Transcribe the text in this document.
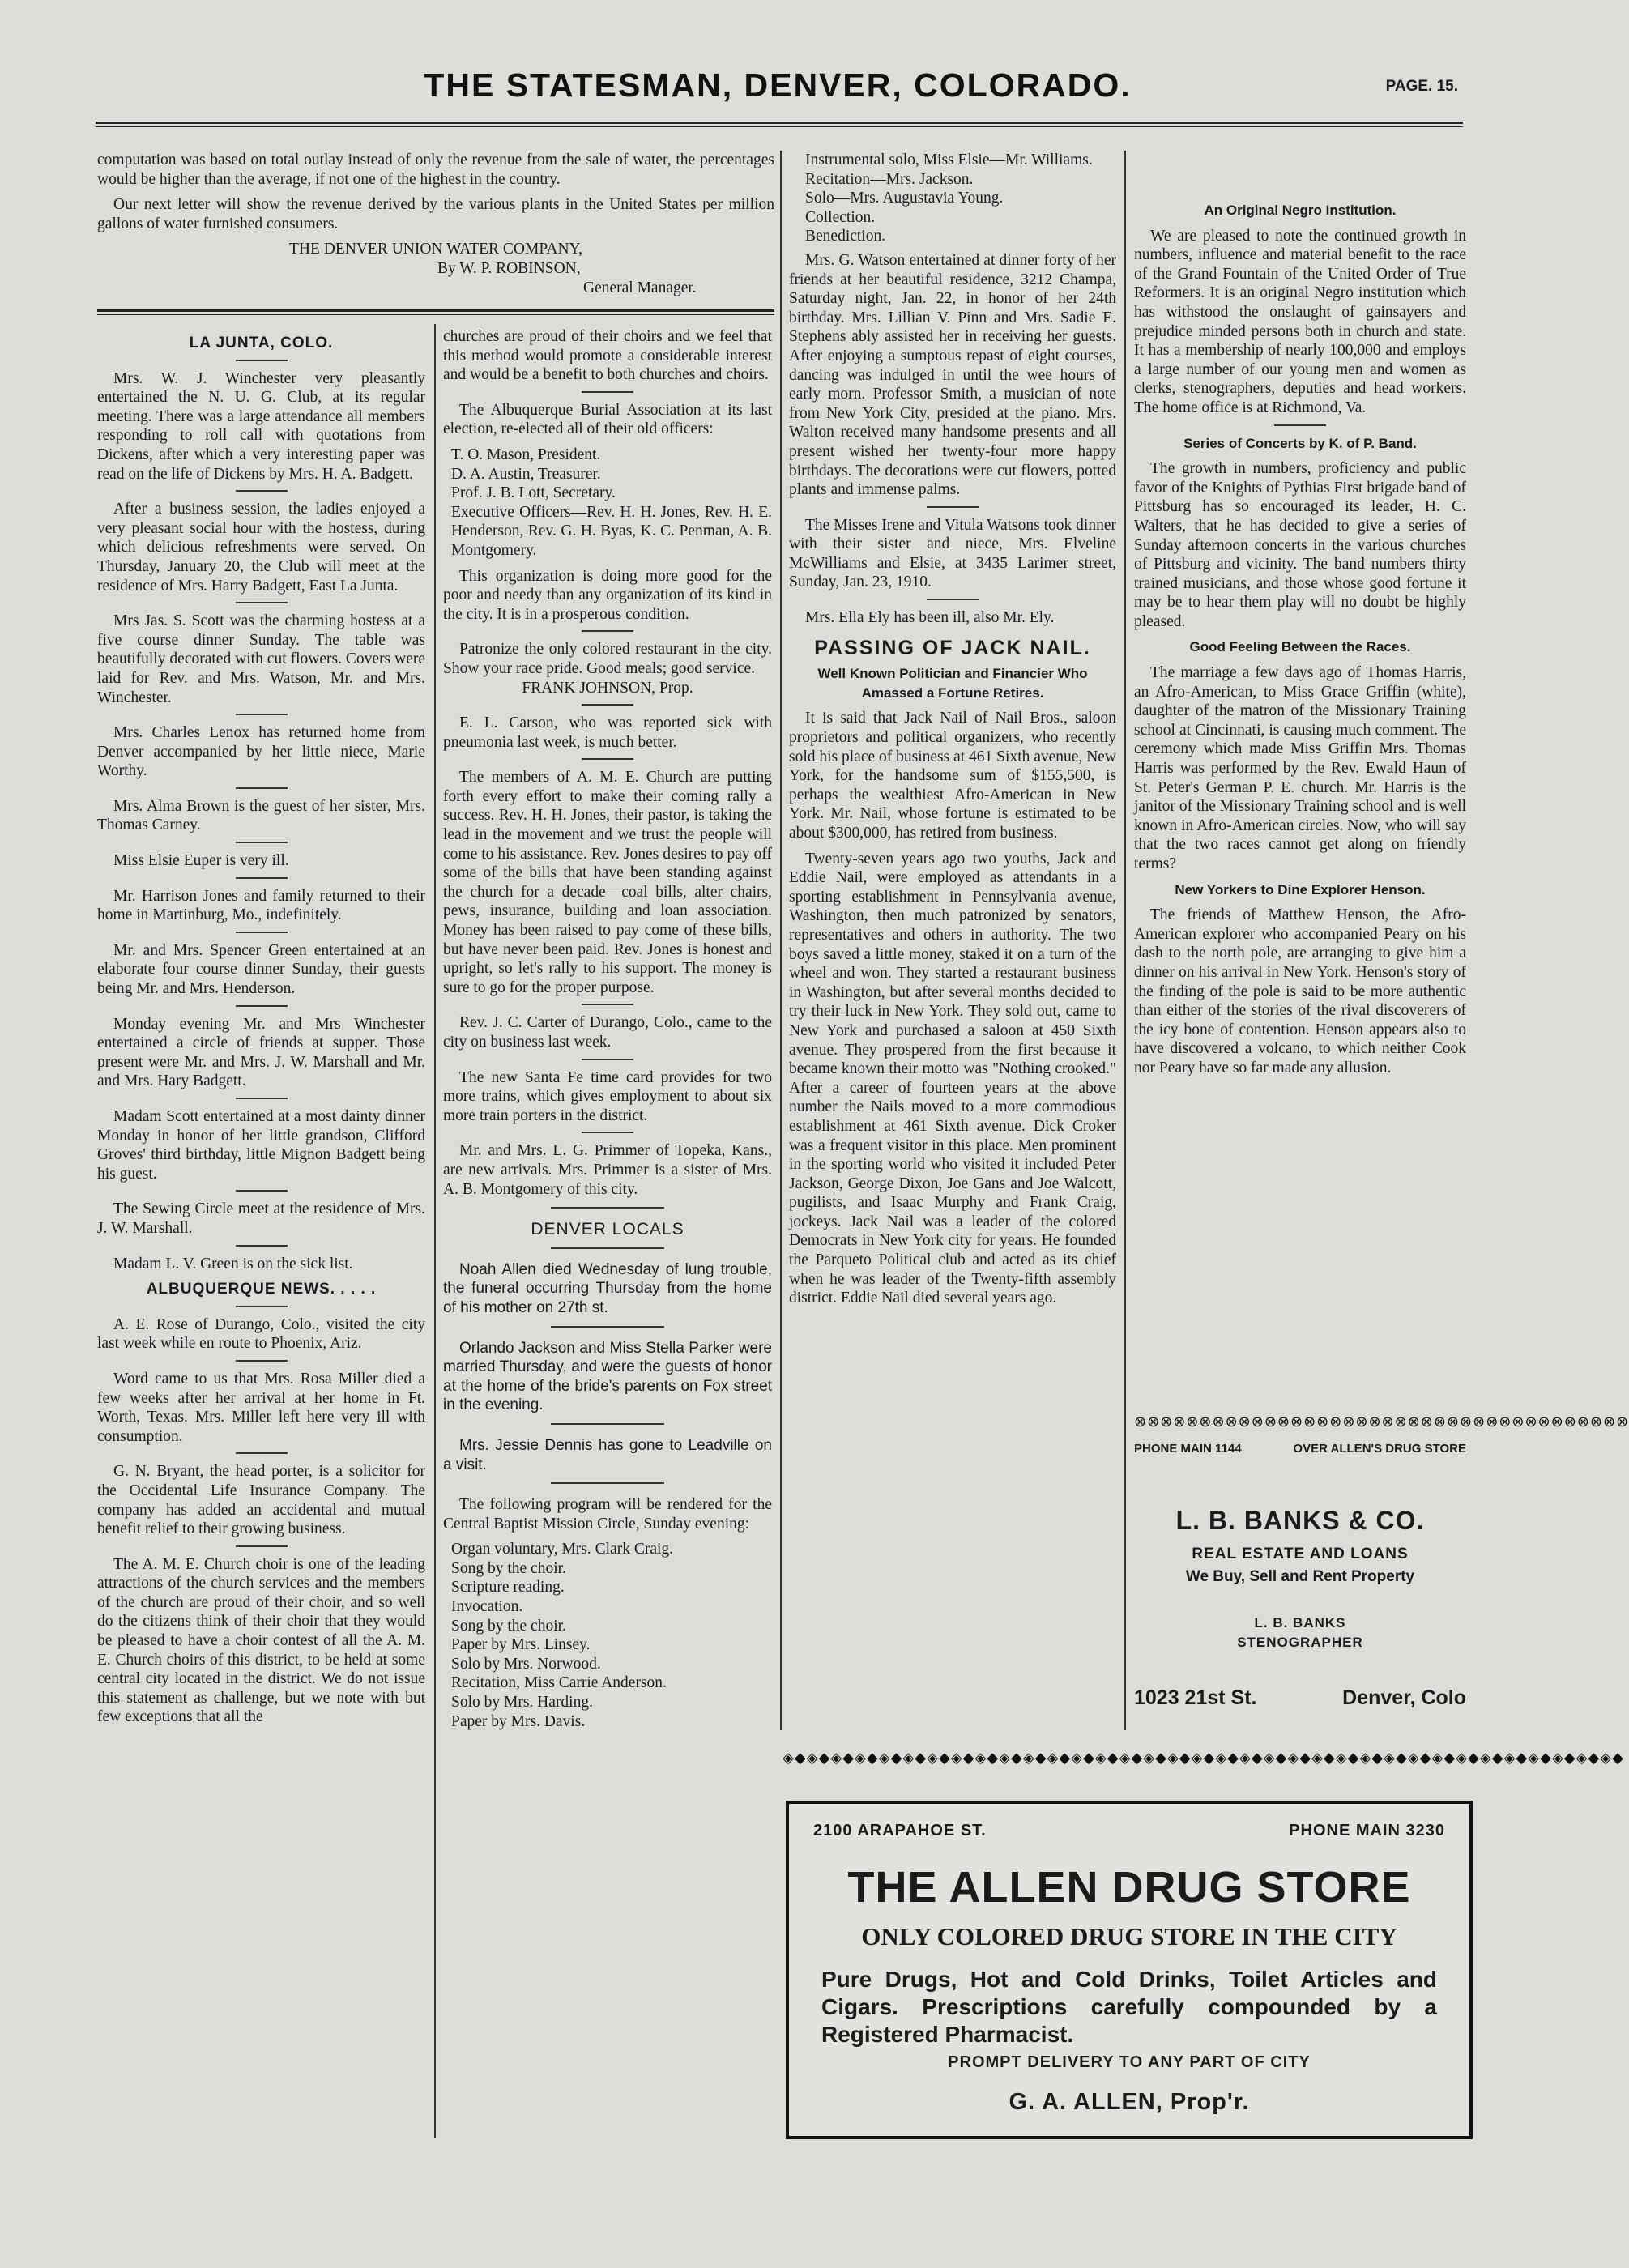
THE STATESMAN, DENVER, COLORADO.	PAGE. 15.

computation was based on total outlay instead of only the revenue from the sale of water, the percentages would be higher than the average, if not one of the highest in the country.

Our next letter will show the revenue derived by the various plants in the United States per million gallons of water furnished consumers.

THE DENVER UNION WATER COMPANY,
By W. P. ROBINSON,
General Manager.
LA JUNTA, COLO.

Mrs. W. J. Winchester very pleasantly entertained the N. U. G. Club, at its regular meeting. There was a large attendance all members responding to roll call with quotations from Dickens, after which a very interesting paper was read on the life of Dickens by Mrs. H. A. Badgett.

After a business session, the ladies enjoyed a very pleasant social hour with the hostess, during which delicious refreshments were served. On Thursday, January 20, the Club will meet at the residence of Mrs. Harry Badgett, East La Junta.

Mrs Jas. S. Scott was the charming hostess at a five course dinner Sunday. The table was beautifully decorated with cut flowers. Covers were laid for Rev. and Mrs. Watson, Mr. and Mrs. Winchester.

Mrs. Charles Lenox has returned home from Denver accompanied by her little niece, Marie Worthy.

Mrs. Alma Brown is the guest of her sister, Mrs. Thomas Carney.

Miss Elsie Euper is very ill.

Mr. Harrison Jones and family returned to their home in Martinburg, Mo., indefinitely.

Mr. and Mrs. Spencer Green entertained at an elaborate four course dinner Sunday, their guests being Mr. and Mrs. Henderson.

Monday evening Mr. and Mrs Winchester entertained a circle of friends at supper. Those present were Mr. and Mrs. J. W. Marshall and Mr. and Mrs. Hary Badgett.

Madam Scott entertained at a most dainty dinner Monday in honor of her little grandson, Clifford Groves' third birthday, little Mignon Badgett being his guest.

The Sewing Circle meet at the residence of Mrs. J. W. Marshall.

Madam L. V. Green is on the sick list.

ALBUQUERQUE NEWS. . . . .

A. E. Rose of Durango, Colo., visited the city last week while en route to Phoenix, Ariz.

Word came to us that Mrs. Rosa Miller died a few weeks after her arrival at her home in Ft. Worth, Texas. Mrs. Miller left here very ill with consumption.

G. N. Bryant, the head porter, is a solicitor for the Occidental Life Insurance Company. The company has added an accidental and mutual benefit relief to their growing business.

The A. M. E. Church choir is one of the leading attractions of the church services and the members of the church are proud of their choir, and so well do the citizens think of their choir that they would be pleased to have a choir contest of all the A. M. E. Church choirs of this district, to be held at some central city located in the district. We do not issue this statement as challenge, but we note with but few exceptions that all the

churches are proud of their choirs and we feel that this method would promote a considerable interest and would be a benefit to both churches and choirs.

The Albuquerque Burial Association at its last election, re-elected all of their old officers:

T. O. Mason, President.
D. A. Austin, Treasurer.
Prof. J. B. Lott, Secretary.
Executive Officers—Rev. H. H. Jones, Rev. H. E. Henderson, Rev. G. H. Byas, K. C. Penman, A. B. Montgomery.

This organization is doing more good for the poor and needy than any organization of its kind in the city. It is in a prosperous condition.

Patronize the only colored restaurant in the city. Show your race pride. Good meals; good service.

FRANK JOHNSON, Prop.

E. L. Carson, who was reported sick with pneumonia last week, is much better.

The members of A. M. E. Church are putting forth every effort to make their coming rally a success. Rev. H. H. Jones, their pastor, is taking the lead in the movement and we trust the people will come to his assistance. Rev. Jones desires to pay off some of the bills that have been standing against the church for a decade—coal bills, alter chairs, pews, insurance, building and loan association. Money has been raised to pay come of these bills, but have never been paid. Rev. Jones is honest and upright, so let's rally to his support. The money is sure to go for the proper purpose.

Rev. J. C. Carter of Durango, Colo., came to the city on business last week.

The new Santa Fe time card provides for two more trains, which gives employment to about six more train porters in the district.

Mr. and Mrs. L. G. Primmer of Topeka, Kans., are new arrivals. Mrs. Primmer is a sister of Mrs. A. B. Montgomery of this city.

DENVER LOCALS

Noah Allen died Wednesday of lung trouble, the funeral occurring Thursday from the home of his mother on 27th st.

Orlando Jackson and Miss Stella Parker were married Thursday, and were the guests of honor at the home of the bride's parents on Fox street in the evening.

Mrs. Jessie Dennis has gone to Leadville on a visit.

The following program will be rendered for the Central Baptist Mission Circle, Sunday evening:

Organ voluntary, Mrs. Clark Craig.
Song by the choir.
Scripture reading.
Invocation.
Song by the choir.
Paper by Mrs. Linsey.
Solo by Mrs. Norwood.
Recitation, Miss Carrie Anderson.
Solo by Mrs. Harding.
Paper by Mrs. Davis.
Instrumental solo, Miss Elsie—Mr. Williams.
Recitation—Mrs. Jackson.
Solo—Mrs. Augustavia Young.
Collection.
Benediction.

Mrs. G. Watson entertained at dinner forty of her friends at her beautiful residence, 3212 Champa, Saturday night, Jan. 22, in honor of her 24th birthday. Mrs. Lillian V. Pinn and Mrs. Sadie E. Stephens ably assisted her in receiving her guests. After enjoying a sumptous repast of eight courses, dancing was indulged in until the wee hours of early morn. Professor Smith, a musician of note from New York City, presided at the piano. Mrs. Walton received many handsome presents and all present wished her twenty-four more happy birthdays. The decorations were cut flowers, potted plants and immense palms.

The Misses Irene and Vitula Watsons took dinner with their sister and niece, Mrs. Elveline McWilliams and Elsie, at 3435 Larimer street, Sunday, Jan. 23, 1910.

Mrs. Ella Ely has been ill, also Mr. Ely.

PASSING OF JACK NAIL.
Well Known Politician and Financier Who Amassed a Fortune Retires.

It is said that Jack Nail of Nail Bros., saloon proprietors and political organizers, who recently sold his place of business at 461 Sixth avenue, New York, for the handsome sum of $155,500, is perhaps the wealthiest Afro-American in New York. Mr. Nail, whose fortune is estimated to be about $300,000, has retired from business.

Twenty-seven years ago two youths, Jack and Eddie Nail, were employed as attendants in a sporting establishment in Pennsylvania avenue, Washington, then much patronized by senators, representatives and others in authority. The two boys saved a little money, staked it on a turn of the wheel and won. They started a restaurant business in Washington, but after several months decided to try their luck in New York. They sold out, came to New York and purchased a saloon at 450 Sixth avenue. They prospered from the first because it became known their motto was "Nothing crooked." After a career of fourteen years at the above number the Nails moved to a more commodious establishment at 461 Sixth avenue. Dick Croker was a frequent visitor in this place. Men prominent in the sporting world who visited it included Peter Jackson, George Dixon, Joe Gans and Joe Walcott, pugilists, and Isaac Murphy and Frank Craig, jockeys. Jack Nail was a leader of the colored Democrats in New York city for years. He founded the Parqueto Political club and acted as its chief when he was leader of the Twenty-fifth assembly district. Eddie Nail died several years ago.

An Original Negro Institution.

We are pleased to note the continued growth in numbers, influence and material benefit to the race of the Grand Fountain of the United Order of True Reformers. It is an original Negro institution which has withstood the onslaught of gainsayers and prejudice minded persons both in church and state. It has a membership of nearly 100,000 and employs a large number of our young men and women as clerks, stenographers, deputies and head workers. The home office is at Richmond, Va.

Series of Concerts by K. of P. Band.

The growth in numbers, proficiency and public favor of the Knights of Pythias First brigade band of Pittsburg has so encouraged its leader, H. C. Walters, that he has decided to give a series of Sunday afternoon concerts in the various churches of Pittsburg and vicinity. The band numbers thirty trained musicians, and those whose good fortune it may be to hear them play will no doubt be highly pleased.

Good Feeling Between the Races.

The marriage a few days ago of Thomas Harris, an Afro-American, to Miss Grace Griffin (white), daughter of the matron of the Missionary Training school at Cincinnati, is causing much comment. The ceremony which made Miss Griffin Mrs. Thomas Harris was performed by the Rev. Ewald Haun of St. Peter's German P. E. church. Mr. Harris is the janitor of the Missionary Training school and is well known in Afro-American circles. Now, who will say that the two races cannot get along on friendly terms?

New Yorkers to Dine Explorer Henson.

The friends of Matthew Henson, the Afro-American explorer who accompanied Peary on his dash to the north pole, are arranging to give him a dinner on his arrival in New York. Henson's story of the finding of the pole is said to be more authentic than either of the stories of the rival discoverers of the icy bone of contention. Henson appears also to have discovered a volcano, to which neither Cook nor Peary have so far made any allusion.

⊗⊗⊗⊗⊗⊗⊗⊗⊗⊗⊗⊗⊗⊗⊗⊗⊗⊗⊗⊗⊗⊗⊗⊗⊗⊗⊗⊗⊗⊗⊗⊗⊗⊗⊗⊗⊗⊗
PHONE MAIN 1144	OVER ALLEN'S DRUG STORE
L. B. BANKS & CO.
REAL ESTATE AND LOANS
We Buy, Sell and Rent Property
L. B. BANKS
STENOGRAPHER
1023 21st St.	Denver, Colo
◈◆◈◆◈◆◈◆◈◆◈◆◈◆◈◆◈◆◈◆◈◆◈◆◈◆◈◆◈◆◈◆◈◆◈◆◈◆◈◆◈◆◈◆◈◆◈◆◈◆◈◆◈◆◈◆◈◆◈◆◈◆◈◆◈◆◈◆◈◆
2100 ARAPAHOE ST.	PHONE MAIN 3230
THE ALLEN DRUG STORE
ONLY COLORED DRUG STORE IN THE CITY
Pure Drugs, Hot and Cold Drinks, Toilet Articles and Cigars. Prescriptions carefully compounded by a Registered Pharmacist.
PROMPT DELIVERY TO ANY PART OF CITY
G. A. ALLEN, Prop'r.
